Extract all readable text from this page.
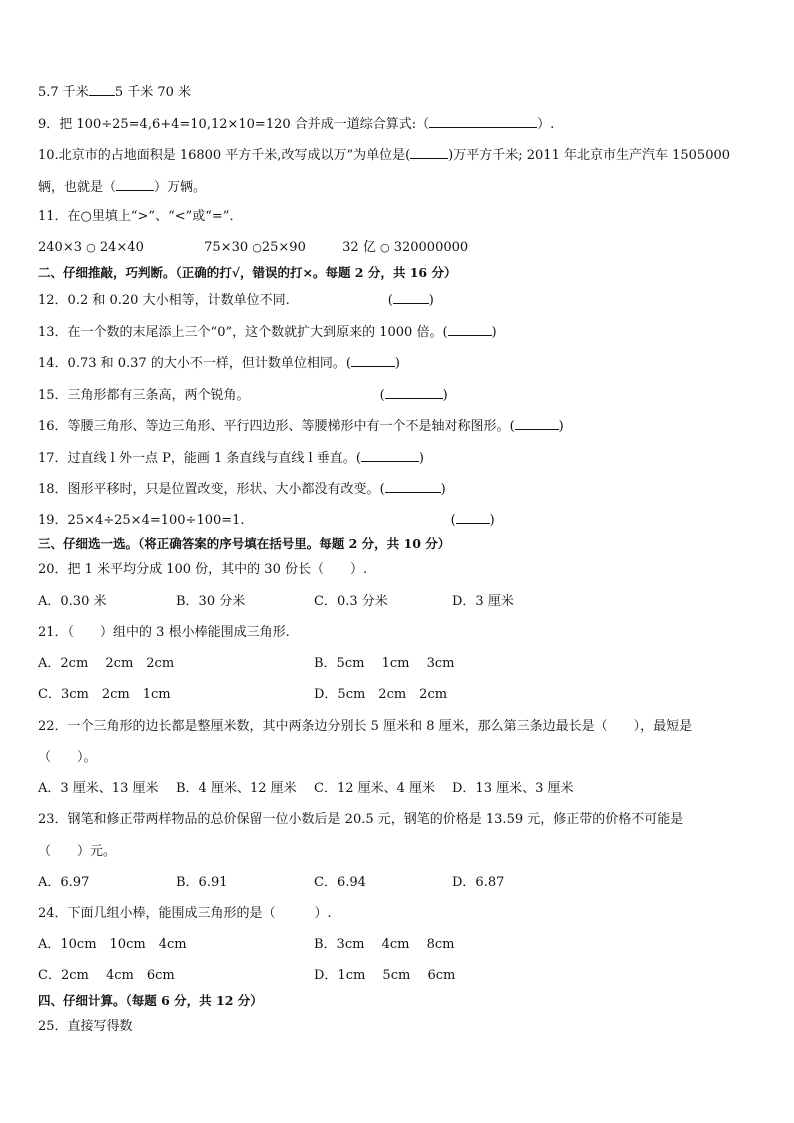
5.7 千米 5 千米 70 米
9．把 100÷25=4,6+4=10,12×10=120 合并成一道综合算式:（	）.
10.北京市的占地面积是 16800 平方千米,改写成以万”为单位是(	)万平方千米; 2011 年北京市生产汽车 1505000
辆，也就是（	）万辆。
11．在○里填上“>”、“<”或“=”．
240×3 ○ 24×40	75×30 ○25×90	32 亿 ○ 320000000
二、仔细推敲，巧判断。（正确的打√，错误的打×。每题 2 分，共 16 分）
12．0.2 和 0.20 大小相等，计数单位不同.	(	)
13．在一个数的末尾添上三个“0”，这个数就扩大到原来的 1000 倍。(	)
14．0.73 和 0.37 的大小不一样，但计数单位相同。(	)
15．三角形都有三条高，两个锐角。	(	)
16．等腰三角形、等边三角形、平行四边形、等腰梯形中有一个不是轴对称图形。(	)
17．过直线 l 外一点 P，能画 1 条直线与直线 l 垂直。(	)
18．图形平移时，只是位置改变，形状、大小都没有改变。(	)
19．25×4÷25×4=100÷100=1.	(	)
三、仔细选一选。（将正确答案的序号填在括号里。每题 2 分，共 10 分）
20．把 1 米平均分成 100 份，其中的 30 份长（　　）.
A．0.30 米	B．30 分米	C．0.3 分米	D．3 厘米
21．（　　）组中的 3 根小棒能围成三角形.
A．2cm　 2cm　2cm	B．5cm　 1cm　 3cm
C．3cm　2cm　1cm	D．5cm　2cm　2cm
22．一个三角形的边长都是整厘米数，其中两条边分别长 5 厘米和 8 厘米，那么第三条边最长是（　　），最短是
（　　）。
A．3 厘米、13 厘米 B．4 厘米、12 厘米 C．12 厘米、4 厘米 D．13 厘米、3 厘米
23．钢笔和修正带两样物品的总价保留一位小数后是 20.5 元，钢笔的价格是 13.59 元，修正带的价格不可能是
（　　）元。
A．6.97	B．6.91	C．6.94	D．6.87
24．下面几组小棒，能围成三角形的是（　　　）.
A．10cm　10cm　4cm	B．3cm　 4cm　 8cm
C．2cm　 4cm　6cm	D．1cm　 5cm　 6cm
四、仔细计算。（每题 6 分，共 12 分）
25．直接写得数
